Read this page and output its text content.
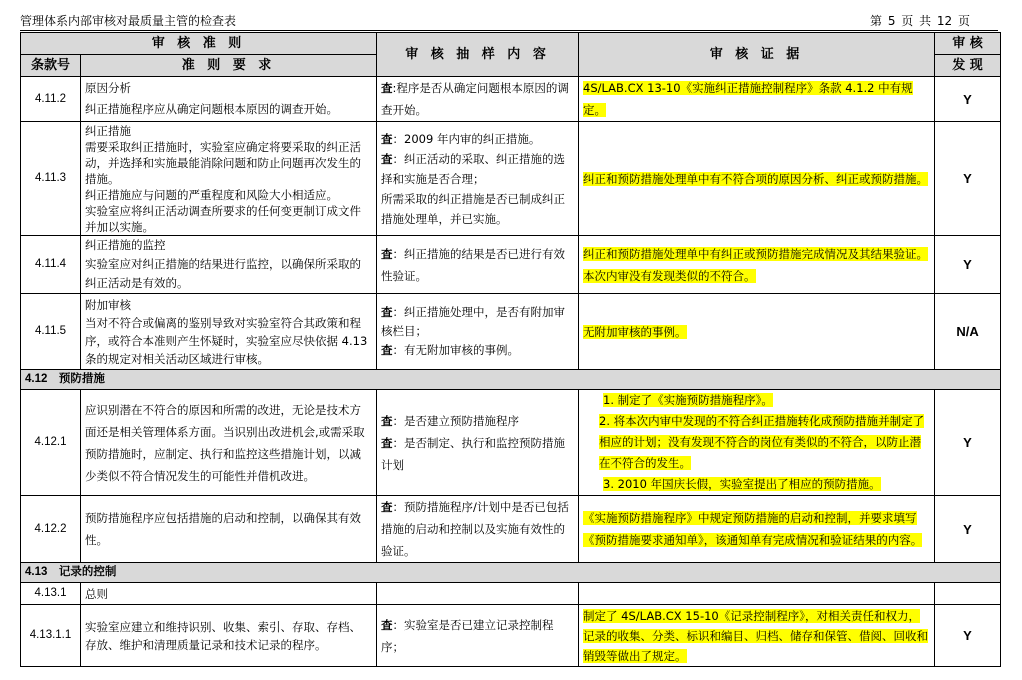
管理体系内部审核对最质量主管的检查表	第 5 页 共 12 页
审 核 准 则		审 核 抽 样 内 容	审 核 证 据	审 核
条款号	准 则 要 求			发 现
4.11.2	原因分析
纠正措施程序应从确定问题根本原因的调查开始。	查:程序是否从确定问题根本原因的调查开始。	4S/LAB.CX 13-10《实施纠正措施控制程序》条款 4.1.2 中有规定。	Y
4.11.3	纠正措施
需要采取纠正措施时，实验室应确定将要采取的纠正活动，并选择和实施最能消除问题和防止问题再次发生的措施。
纠正措施应与问题的严重程度和风险大小相适应。
实验室应将纠正活动调查所要求的任何变更制订成文件并加以实施。	查：2009 年内审的纠正措施。
查：纠正活动的采取、纠正措施的选择和实施是否合理；
所需采取的纠正措施是否已制成纠正措施处理单，并已实施。	纠正和预防措施处理单中有不符合项的原因分析、纠正或预防措施。	Y
4.11.4	纠正措施的监控
实验室应对纠正措施的结果进行监控，以确保所采取的纠正活动是有效的。	查：纠正措施的结果是否已进行有效性验证。	纠正和预防措施处理单中有纠正或预防措施完成情况及其结果验证。本次内审没有发现类似的不符合。	Y
4.11.5	附加审核
当对不符合或偏离的鉴别导致对实验室符合其政策和程序，或符合本准则产生怀疑时，实验室应尽快依据 4.13 条的规定对相关活动区域进行审核。	查：纠正措施处理中，是否有附加审核栏目；
查：有无附加审核的事例。	无附加审核的事例。	N/A
4.12　预防措施				
4.12.1	应识别潜在不符合的原因和所需的改进，无论是技术方面还是相关管理体系方面。当识别出改进机会,或需采取预防措施时，应制定、执行和监控这些措施计划，以减少类似不符合情况发生的可能性并借机改进。	查：是否建立预防措施程序
查：是否制定、执行和监控预防措施计划	1. 制定了《实施预防措施程序》。
2. 将本次内审中发现的不符合纠正措施转化成预防措施并制定了相应的计划；没有发现不符合的岗位有类似的不符合，以防止潜在不符合的发生。
3. 2010 年国庆长假，实验室提出了相应的预防措施。	Y
4.12.2	预防措施程序应包括措施的启动和控制，以确保其有效性。	查：预防措施程序/计划中是否已包括措施的启动和控制以及实施有效性的验证。	《实施预防措施程序》中规定预防措施的启动和控制，并要求填写《预防措施要求通知单》，该通知单有完成情况和验证结果的内容。	Y
4.13　记录的控制				
4.13.1	总则			
4.13.1.1	实验室应建立和维持识别、收集、索引、存取、存档、存放、维护和清理质量记录和技术记录的程序。	查：实验室是否已建立记录控制程序；	制定了 4S/LAB.CX 15-10《记录控制程序》，对相关责任和权力，记录的收集、分类、标识和编目、归档、储存和保管、借阅、回收和销毁等做出了规定。	Y
